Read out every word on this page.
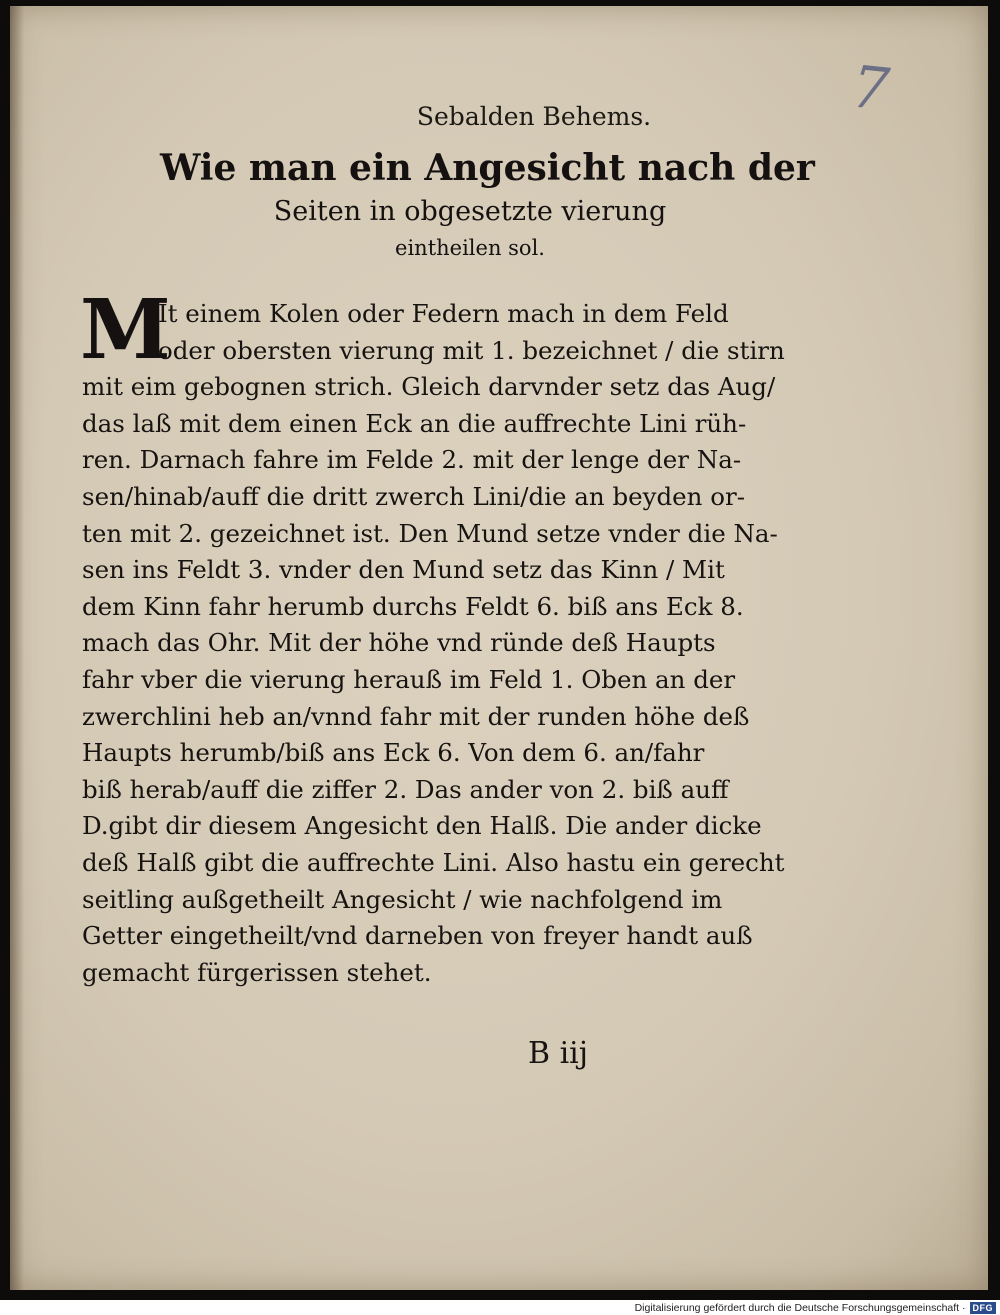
7
Sebalden Behems.
Wie man ein Angesicht nach der
Seiten in obgesetzte vierung
eintheilen sol.
M
It einem Kolen oder Federn mach in dem Feld
oder obersten vierung mit 1. bezeichnet / die stirn
mit eim gebognen strich. Gleich darvnder setz das Aug/
das laß mit dem einen Eck an die auffrechte Lini rüh-
ren. Darnach fahre im Felde 2. mit der lenge der Na-
sen/hinab/auff die dritt zwerch Lini/die an beyden or-
ten mit 2. gezeichnet ist. Den Mund setze vnder die Na-
sen ins Feldt 3. vnder den Mund setz das Kinn / Mit
dem Kinn fahr herumb durchs Feldt 6. biß ans Eck 8.
mach das Ohr. Mit der höhe vnd ründe deß Haupts
fahr vber die vierung herauß im Feld 1. Oben an der
zwerchlini heb an/vnnd fahr mit der runden höhe deß
Haupts herumb/biß ans Eck 6. Von dem 6. an/fahr
biß herab/auff die ziffer 2. Das ander von 2. biß auff
D.gibt dir diesem Angesicht den Halß. Die ander dicke
deß Halß gibt die auffrechte Lini. Also hastu ein gerecht
seitling außgetheilt Angesicht / wie nachfolgend im
Getter eingetheilt/vnd darneben von freyer handt auß
gemacht fürgerissen stehet.
B iij
Digitalisierung gefördert durch die Deutsche Forschungsgemeinschaft · DFG
